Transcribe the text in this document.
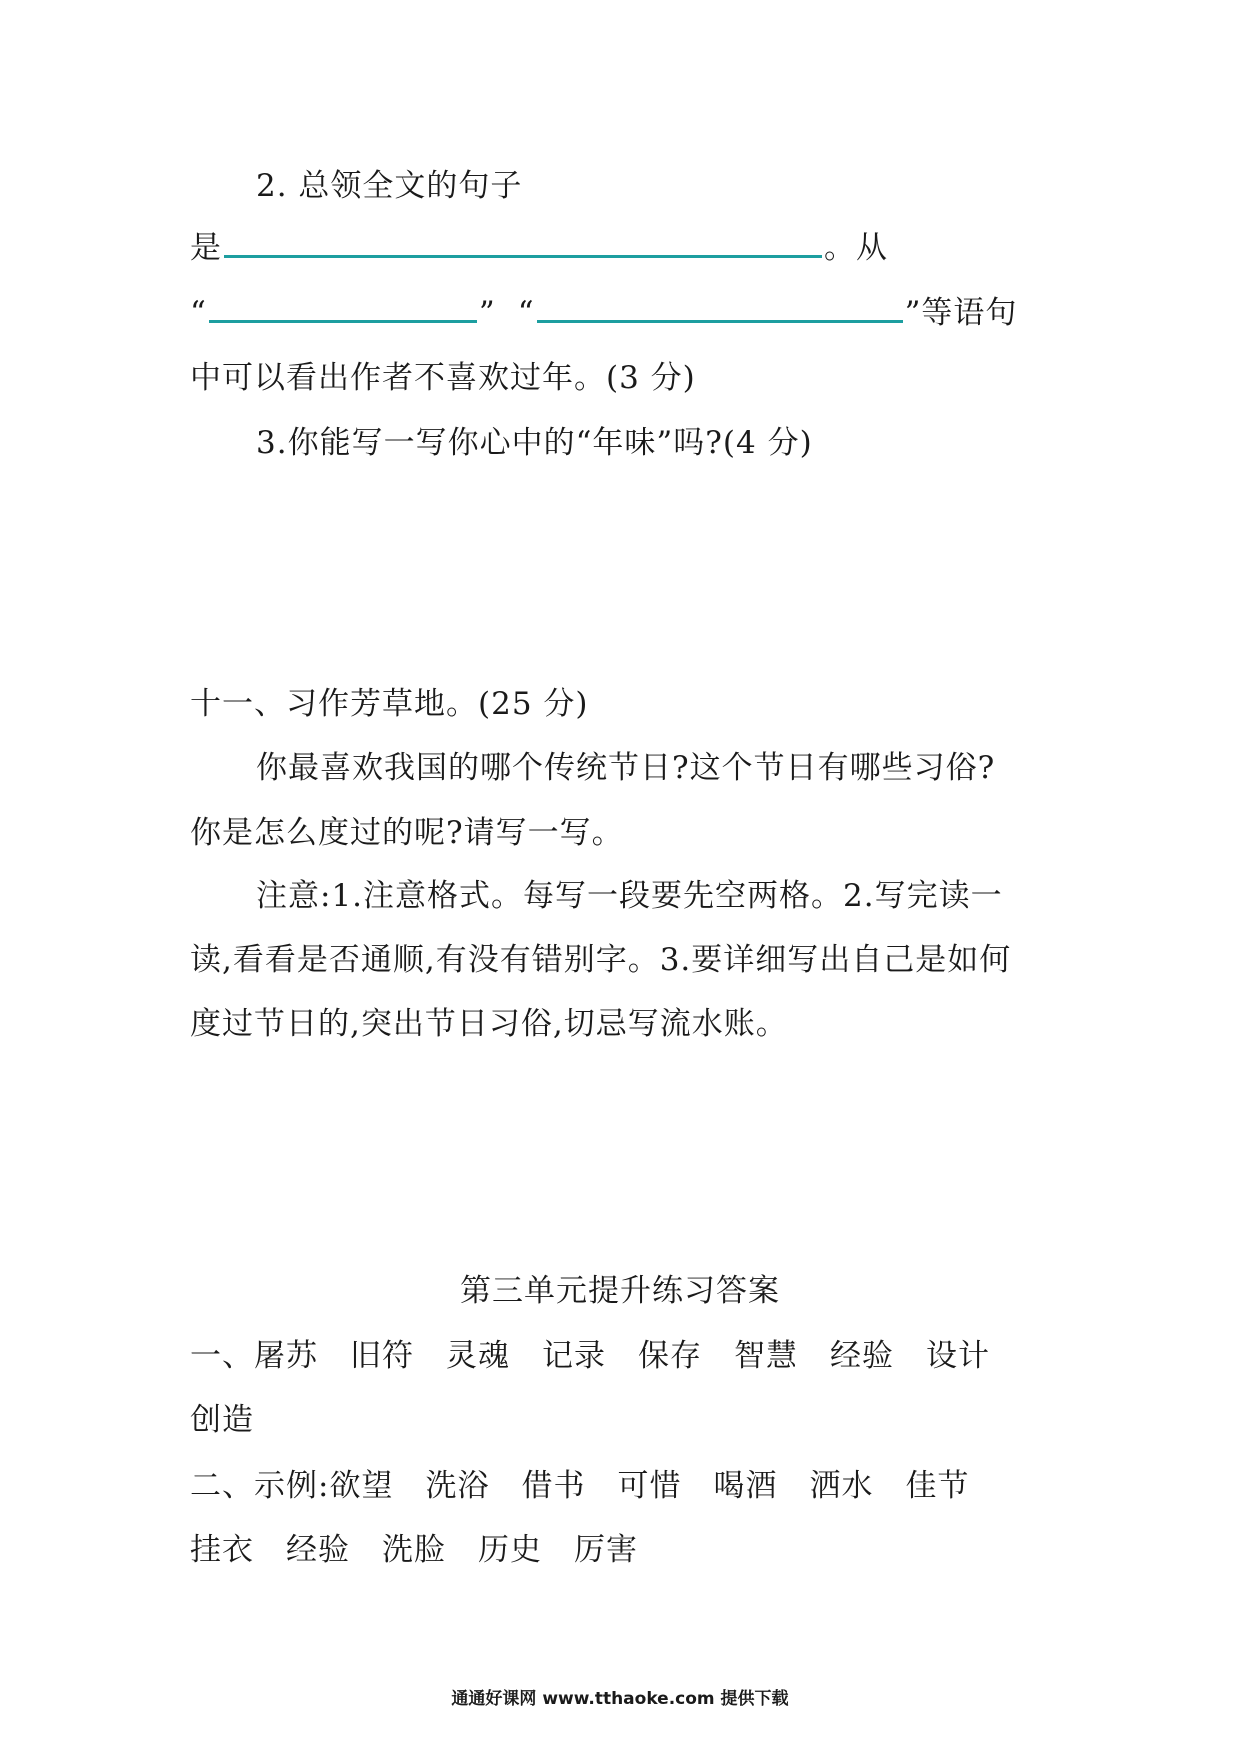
2. 总领全文的句子
是	。从
“	” “	”等语句
中可以看出作者不喜欢过年。(3 分)
3.你能写一写你心中的“年味”吗?(4 分)
十一、习作芳草地。(25 分)
你最喜欢我国的哪个传统节日?这个节日有哪些习俗?
你是怎么度过的呢?请写一写。
注意:1.注意格式。每写一段要先空两格。2.写完读一
读,看看是否通顺,有没有错别字。3.要详细写出自己是如何
度过节日的,突出节日习俗,切忌写流水账。
第三单元提升练习答案
一、屠苏 旧符 灵魂 记录 保存 智慧 经验 设计
创造
二、示例:欲望 洗浴 借书 可惜 喝酒 洒水 佳节
挂衣 经验 洗脸 历史 厉害
通通好课网 www.tthaoke.com 提供下载
